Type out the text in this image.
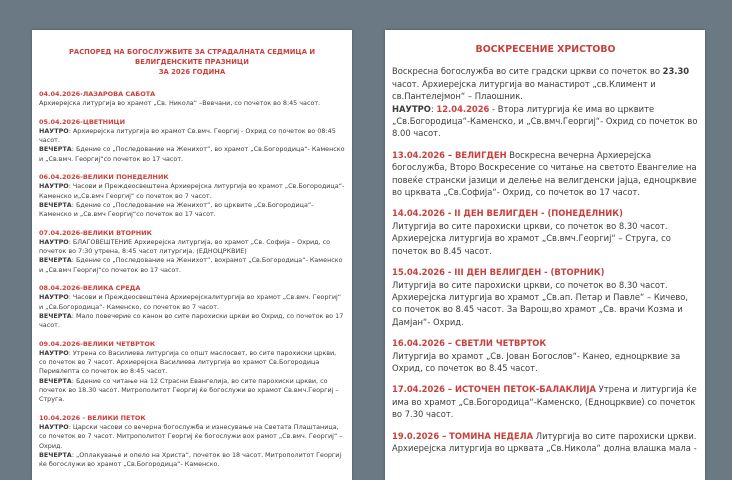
РАСПОРЕД НА БОГОСЛУЖБИТЕ ЗА СТРАДАЛНАТА СЕДМИЦА И
ВЕЛИГДЕНСКИТЕ ПРАЗНИЦИ
ЗА 2026 ГОДИНА
04.04.2026-ЛАЗАРОВА САБОТА
Архиерејска литургија во храмот „Св. Никола“ –Вевчани, со почеток во 8:45 часот.
05.04.2026-ЦВЕТНИЦИ
НАУТРО: Архиерејска литургија во храмот Св.вмч. Георгиј - Охрид со почеток во 08:45 часот.
ВЕЧЕРТА: Бдение со „Последование на Женихот“, во храмот „Св.Богородица“- Каменско и „Св.вмч. Георгиј“со почеток во 17 часот.
06.04.2026-ВЕЛИКИ ПОНЕДЕЛНИК
НАУТРО: Часови и Преждеосвештена Архиерејска литургија во храмот „Св.Богородица“- Каменско и„Св.вмч Георгиј“ со почеток во 7 часот.
ВЕЧЕРТА: Бдение со „Последование на Женихот“, во црквите „Св.Богородица“- Каменско и „Св.вмч Георгиј“со почеток во 17 часот.
07.04.2026-ВЕЛИКИ ВТОРНИК
НАУТРО: БЛАГОВЕШТЕНИЕ Архиерејска литургија, во храмот „Св. Софија – Охрид, со почеток во 7:30 утрена, 8:45 часот литургија. (ЕДНОЦРКВИЕ)
ВЕЧЕРТА: Бдение со „Последование на Женихот“, вохрамот „Св.Богородица“- Каменско и „Св.вмч Георгиј“со почеток во 17 часот.
08.04.2026-ВЕЛИКА СРЕДА
НАУТРО: Часови и Преждеосвештена Архиерејскалитургија во храмот „Св.вмч. Георгиј“ и „Св.Богородица“- Каменско, со почеток во 7 часот.
ВЕЧЕРТА: Мало повечерие со канон во сите парохиски цркви во Охрид, со почеток во 17 часот.
09.04.2026-ВЕЛИКИ ЧЕТВРТОК
НАУТРО: Утрена со Василиева литургија со општ маслосвет, во сите парохиски цркви, со почеток во 7 часот. Архиерејска Василиева литургија во храмот Св.Богородица Перивлепта со почеток во 8:45 часот.
ВЕЧЕРТА: Бдение со читање на 12 Страсни Евангелија, во сите парохиски цркви, со почеток во 18.30 часот. Митрополитот Георгиј ќе богослужи во храмот Св.вмч.Георгиј – Струга.
10.04.2026 - ВЕЛИКИ ПЕТОК
НАУТРО: Царски часови со вечерна богослужба и изнесување на Светата Плаштаница, со почеток во 7 часот. Митрополитот Георгиј ќе богослужи вох рамот „Св.вмч. Георгиј“ – Охрид.
ВЕЧЕРТА: „Оплакување и опело на Христа“, почеток во 18 часот. Митрополитот Георгиј ќе богослужи во храмот „Св.Богородица“- Каменско.
ВОСКРЕСЕНИЕ ХРИСТОВО
Воскресна богослужба во сите градски цркви со почеток во 23.30 часот. Архиерејска литургија во манастирот „св.Климент и св.Пантелејмон“ – Плаошник.
НАУТРО: 12.04.2026 - Втора литургија ќе има во црквите „Св.Богородица“-Каменско, и „Св.вмч.Георгиј“- Охрид со почеток во 8.00 часот.
13.04.2026 – ВЕЛИГДЕН Воскресна вечерна Архиерејска богослужба, Второ Воскресение со читање на светото Евангелие на повеќе странски јазици и делење на велигденски јајца, едноцрквие во црквата „Св.Софија“- Охрид, со почеток во 17 часот.
14.04.2026 - II ДЕН ВЕЛИГДЕН - (ПОНЕДЕЛНИК)
Литургија во сите парохиски цркви, со почеток во 8.30 часот. Архиерејска литургија во храмот „Св.вмч.Георгиј“ – Струга, со почеток во 8.45 часот.
15.04.2026 - III ДЕН ВЕЛИГДЕН - (ВТОРНИК)
Литургија во сите парохиски цркви, со почеток во 8.30 часот. Архиерејска литургија во храмот „Св.ап. Петар и Павле“ – Кичево, со почеток во 8.45 часот. За Варош,во храмот „Св. врачи Козма и Дамјан“- Охрид.
16.04.2026 – СВЕТЛИ ЧЕТВРТОК
Литургија во храмот „Св. Јован Богослов“- Канео, едноцрквие за Охрид, со почеток во 8.45 часот.
17.04.2026 – ИСТОЧЕН ПЕТОК-БАЛАКЛИЈА Утрена и литургија ќе има во храмот „Св.Богородица“-Каменско, (Едноцрквие) со почеток во 7.30 часот.
19.0.2026 – ТОМИНА НЕДЕЛА Литургија во сите парохиски цркви. Архиерејска литургија во црквата „Св.Никола“ долна влашка мала -
